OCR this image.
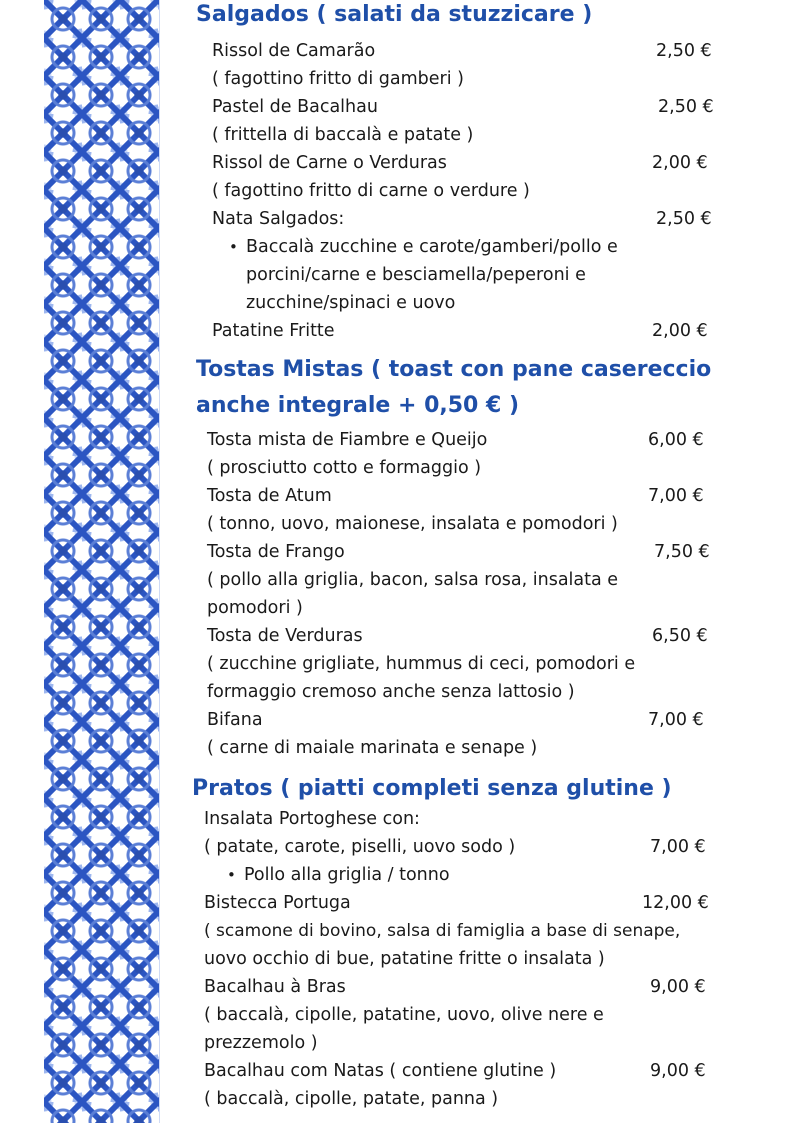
Salgados ( salati da stuzzicare )
Rissol de Camarão	2,50 €
( fagottino fritto di gamberi )
Pastel de Bacalhau	2,50 €
( frittella di baccalà e patate )
Rissol de Carne o Verduras	2,00 €
( fagottino fritto di carne o verdure )
Nata Salgados:	2,50 €
• Baccalà zucchine e carote/gamberi/pollo e
porcini/carne e besciamella/peperoni e
zucchine/spinaci e uovo
Patatine Fritte	2,00 €
Tostas Mistas ( toast con pane casereccio
anche integrale + 0,50 € )
Tosta mista de Fiambre e Queijo	6,00 €
( prosciutto cotto e formaggio )
Tosta de Atum	7,00 €
( tonno, uovo, maionese, insalata e pomodori )
Tosta de Frango	7,50 €
( pollo alla griglia, bacon, salsa rosa, insalata e
pomodori )
Tosta de Verduras	6,50 €
( zucchine grigliate, hummus di ceci, pomodori e
formaggio cremoso anche senza lattosio )
Bifana	7,00 €
( carne di maiale marinata e senape )
Pratos ( piatti completi senza glutine )
Insalata Portoghese con:
( patate, carote, piselli, uovo sodo )	7,00 €
• Pollo alla griglia / tonno
Bistecca Portuga	12,00 €
( scamone di bovino, salsa di famiglia a base di senape,
uovo occhio di bue, patatine fritte o insalata )
Bacalhau à Bras	9,00 €
( baccalà, cipolle, patatine, uovo, olive nere e
prezzemolo )
Bacalhau com Natas ( contiene glutine )	9,00 €
( baccalà, cipolle, patate, panna )
